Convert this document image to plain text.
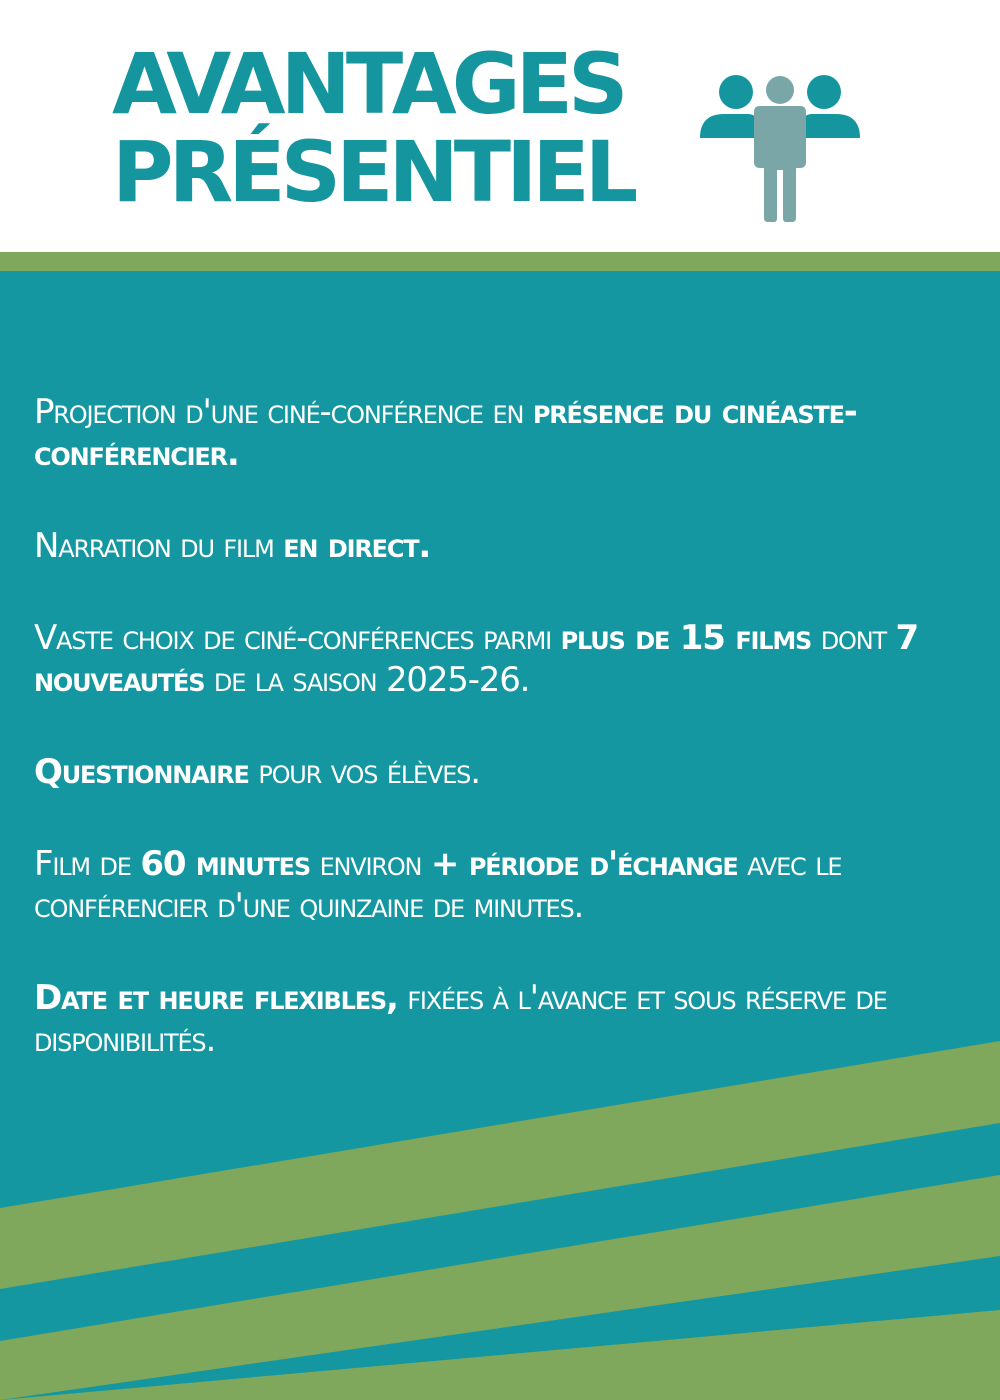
AVANTAGES
PRÉSENTIEL

Projection d'une ciné-conférence en présence du cinéaste-conférencier.

Narration du film en direct.

Vaste choix de ciné-conférences parmi plus de 15 films dont 7 nouveautés de la saison 2025-26.

Questionnaire pour vos élèves.

Film de 60 minutes environ + période d'échange avec le conférencier d'une quinzaine de minutes.

Date et heure flexibles, fixées à l'avance et sous réserve de disponibilités.
